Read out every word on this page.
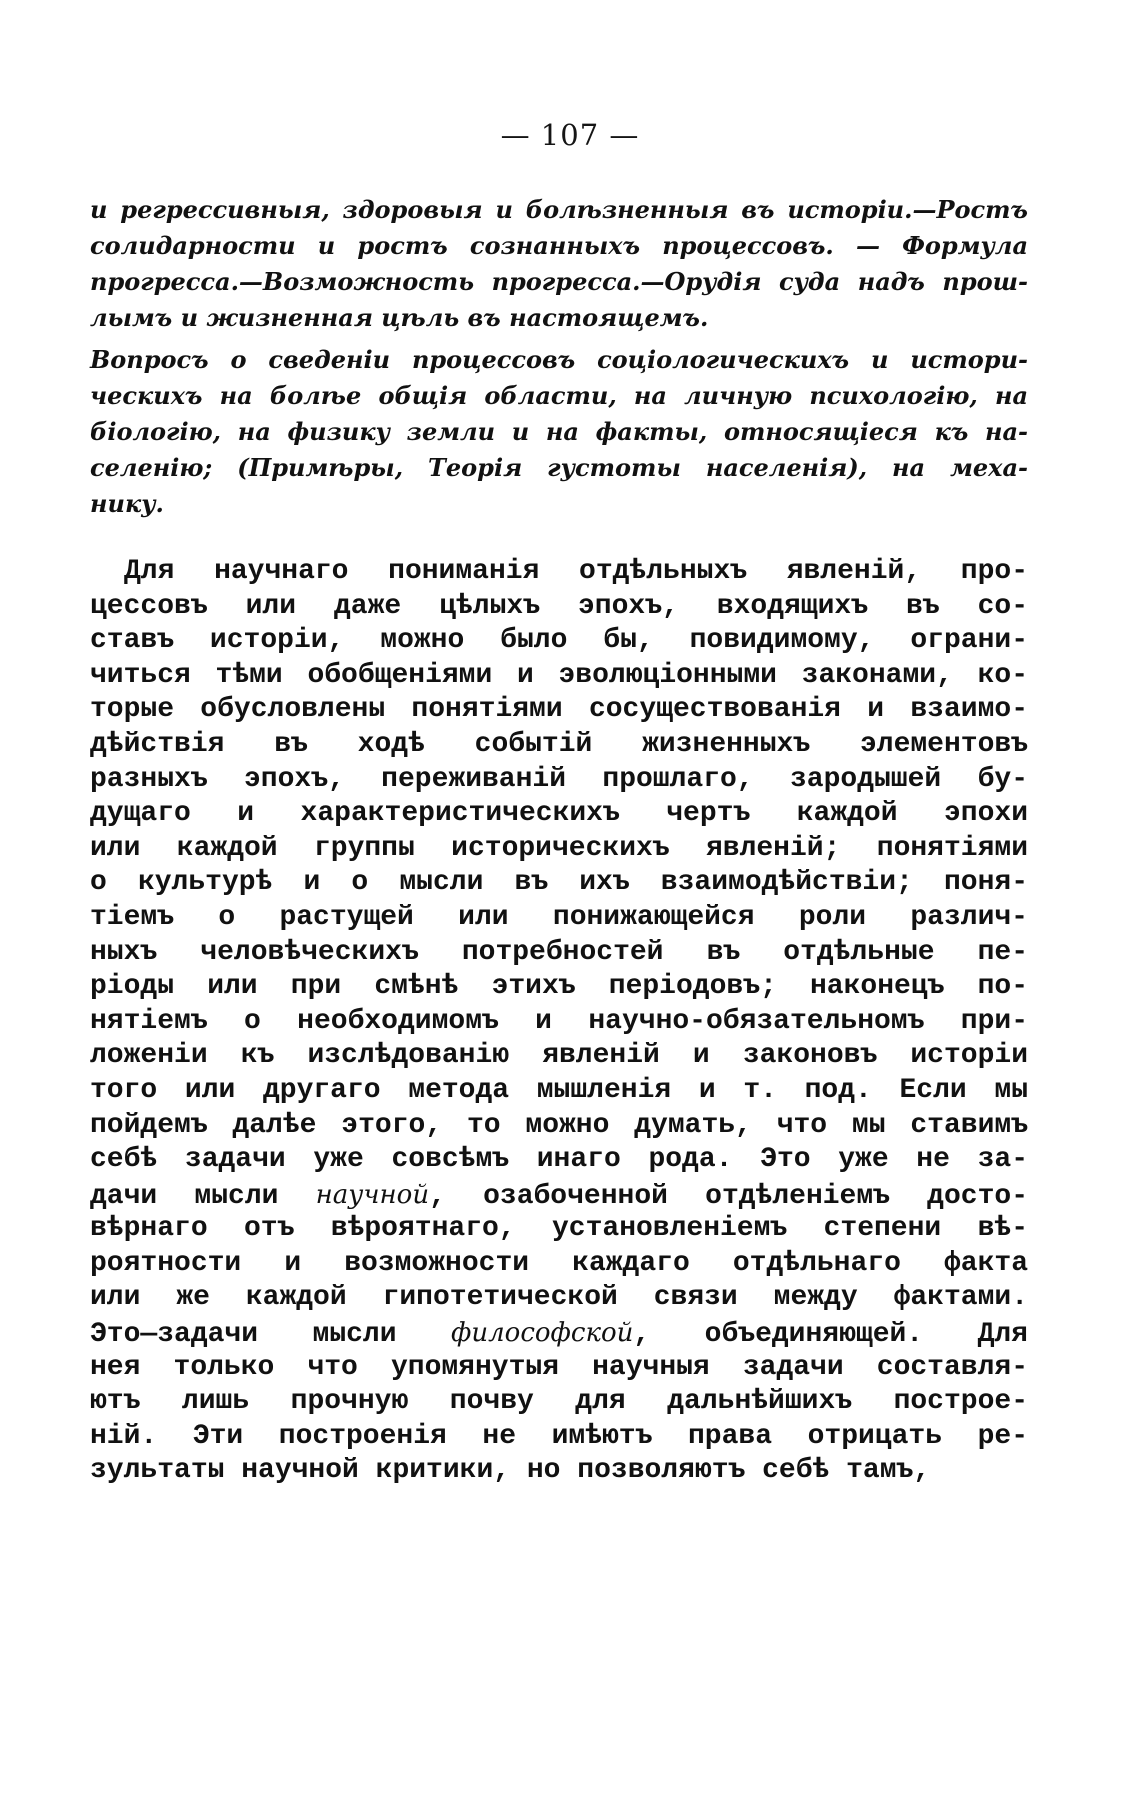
— 107 —
и регрессивныя, здоровыя и болѣзненныя въ исторіи.—Ростъ
солидарности и ростъ сознанныхъ процессовъ. — Формула
прогресса.—Возможность прогресса.—Орудія суда надъ прош-
лымъ и жизненная цѣль въ настоящемъ.
Вопросъ о сведеніи процессовъ соціологическихъ и истори-
ческихъ на болѣе общія области, на личную психологію, на
біологію, на физику земли и на факты, относящіеся къ на-
селенію; (Примѣры, Теорія густоты населенія), на меха-
нику.
Для научнаго пониманія отдѣльныхъ явленій, про-
цессовъ или даже цѣлыхъ эпохъ, входящихъ въ со-
ставъ исторіи, можно было бы, повидимому, ограни-
читься тѣми обобщеніями и эволюціонными законами, ко-
торые обусловлены понятіями сосуществованія и взаимо-
дѣйствія въ ходѣ событій жизненныхъ элементовъ
разныхъ эпохъ, переживаній прошлаго, зародышей бу-
дущаго и характеристическихъ чертъ каждой эпохи
или каждой группы историческихъ явленій; понятіями
о культурѣ и о мысли въ ихъ взаимодѣйствіи; поня-
тіемъ о растущей или понижающейся роли различ-
ныхъ человѣческихъ потребностей въ отдѣльные пе-
ріоды или при смѣнѣ этихъ періодовъ; наконецъ по-
нятіемъ о необходимомъ и научно-обязательномъ при-
ложеніи къ изслѣдованію явленій и законовъ исторіи
того или другаго метода мышленія и т. под. Если мы
пойдемъ далѣе этого, то можно думать, что мы ставимъ
себѣ задачи уже совсѣмъ инаго рода. Это уже не за-
дачи мысли научной, озабоченной отдѣленіемъ досто-
вѣрнаго отъ вѣроятнаго, установленіемъ степени вѣ-
роятности и возможности каждаго отдѣльнаго факта
или же каждой гипотетической связи между фактами.
Это—задачи мысли философской, объединяющей. Для
нея только что упомянутыя научныя задачи составля-
ютъ лишь прочную почву для дальнѣйшихъ построе-
ній. Эти построенія не имѣютъ права отрицать ре-
зультаты научной критики, но позволяютъ себѣ тамъ,
